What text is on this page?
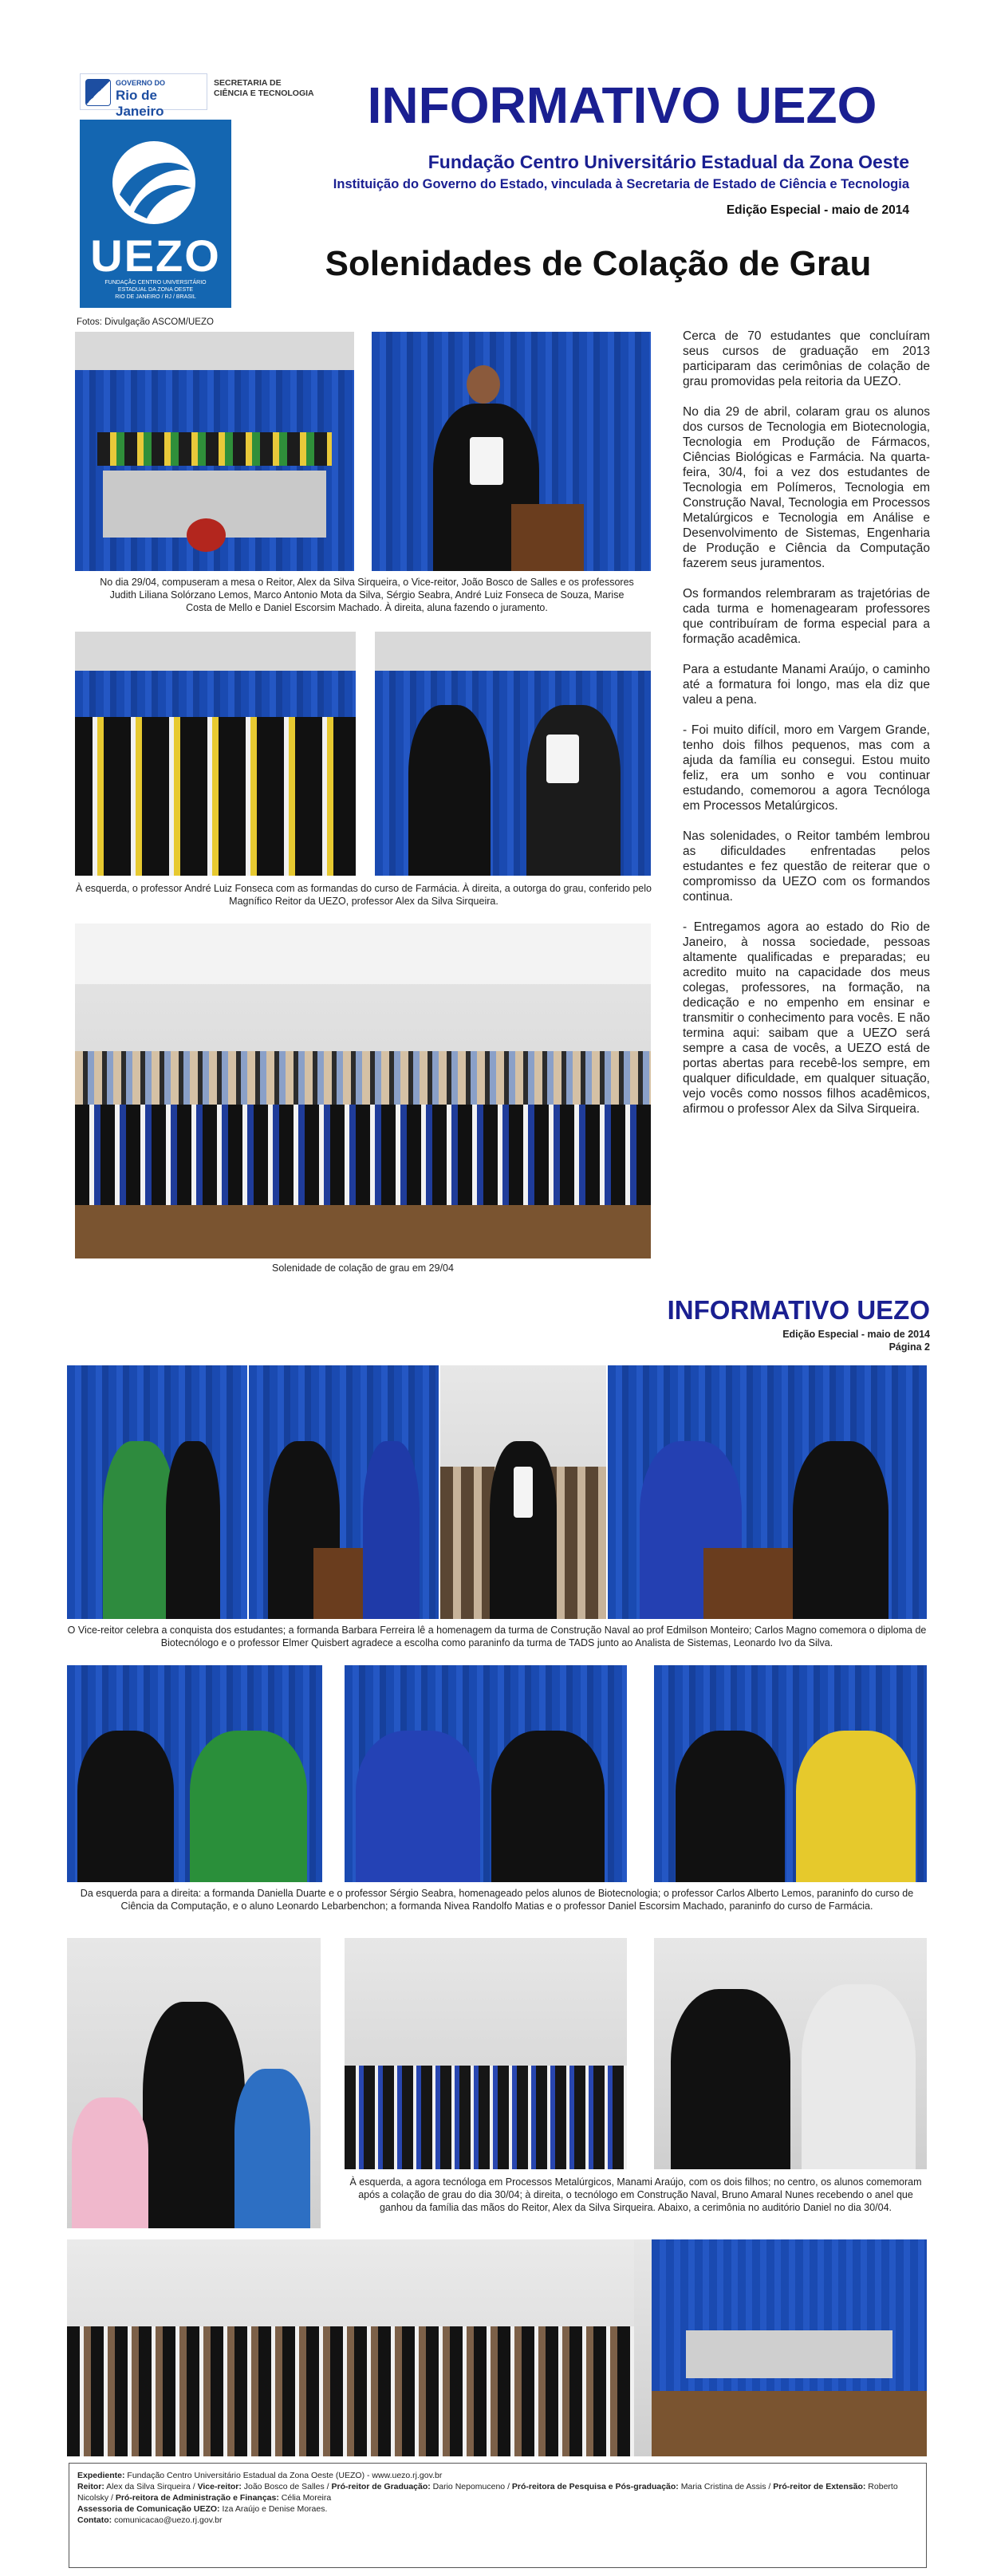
GOVERNO DO
Rio de Janeiro
SECRETARIA DE
CIÊNCIA E TECNOLOGIA
UEZO
FUNDAÇÃO CENTRO UNIVERSITÁRIO
ESTADUAL DA ZONA OESTE
RIO DE JANEIRO / RJ / BRASIL
INFORMATIVO UEZO
Fundação Centro Universitário Estadual da Zona Oeste
Instituição do Governo do Estado, vinculada à Secretaria de Estado de Ciência e Tecnologia
Edição Especial - maio de 2014
Solenidades de Colação de Grau
Fotos: Divulgação ASCOM/UEZO
No dia 29/04, compuseram a mesa o Reitor, Alex da Silva Sirqueira, o Vice-reitor, João Bosco de Salles e os professores Judith Liliana Solórzano Lemos, Marco Antonio Mota da Silva, Sérgio Seabra, André Luiz Fonseca de Souza, Marise Costa de Mello e Daniel Escorsim Machado. À direita, aluna fazendo o juramento.
À esquerda, o professor André Luiz Fonseca com as formandas do curso de Farmácia. À direita, a outorga do grau, conferido pelo Magnífico Reitor da UEZO, professor Alex da Silva Sirqueira.
Solenidade de colação de grau em 29/04

Cerca de 70 estudantes que concluíram seus cursos de graduação em 2013 participaram das cerimônias de colação de grau promovidas pela reitoria da UEZO.

No dia 29 de abril, colaram grau os alunos dos cursos de Tecnologia em Biotecnologia, Tecnologia em Produção de Fármacos, Ciências Biológicas e Farmácia. Na quarta-feira, 30/4, foi a vez dos estudantes de Tecnologia em Polímeros, Tecnologia em Construção Naval, Tecnologia em Processos Metalúrgicos e Tecnologia em Análise e Desenvolvimento de Sistemas, Engenharia de Produção e Ciência da Computação fazerem seus juramentos.

Os formandos relembraram as trajetórias de cada turma e homenagearam professores que contribuíram de forma especial para a formação acadêmica.

Para a estudante Manami Araújo, o caminho até a formatura foi longo, mas ela diz que valeu a pena.

- Foi muito difícil, moro em Vargem Grande, tenho dois filhos pequenos, mas com a ajuda da família eu consegui. Estou muito feliz, era um sonho e vou continuar estudando, comemorou a agora Tecnóloga em Processos Metalúrgicos.

Nas solenidades, o Reitor também lembrou as dificuldades enfrentadas pelos estudantes e fez questão de reiterar que o compromisso da UEZO com os formandos continua.

- Entregamos agora ao estado do Rio de Janeiro, à nossa sociedade, pessoas altamente qualificadas e preparadas; eu acredito muito na capacidade dos meus colegas, professores, na formação, na dedicação e no empenho em ensinar e transmitir o conhecimento para vocês. E não termina aqui: saibam que a UEZO será sempre a casa de vocês, a UEZO está de portas abertas para recebê-los sempre, em qualquer dificuldade, em qualquer situação, vejo vocês como nossos filhos acadêmicos, afirmou o professor Alex da Silva Sirqueira.

INFORMATIVO UEZO
Edição Especial - maio de 2014
Página 2
O Vice-reitor celebra a conquista dos estudantes; a formanda Barbara Ferreira lê a homenagem da turma de Construção Naval ao prof Edmilson Monteiro; Carlos Magno comemora o diploma de Biotecnólogo e o professor Elmer Quisbert agradece a escolha como paraninfo da turma de TADS junto ao Analista de Sistemas, Leonardo Ivo da Silva.
Da esquerda para a direita: a formanda Daniella Duarte e o professor Sérgio Seabra, homenageado pelos alunos de Biotecnologia; o professor Carlos Alberto Lemos, paraninfo do curso de Ciência da Computação, e o aluno Leonardo Lebarbenchon; a formanda Nivea Randolfo Matias e o professor Daniel Escorsim Machado, paraninfo do curso de Farmácia.
À esquerda, a agora tecnóloga em Processos Metalúrgicos, Manami Araújo, com os dois filhos; no centro, os alunos comemoram após a colação de grau do dia 30/04; à direita, o tecnólogo em Construção Naval, Bruno Amaral Nunes recebendo o anel que ganhou da família das mãos do Reitor, Alex da Silva Sirqueira. Abaixo, a cerimônia no auditório Daniel no dia 30/04.
Expediente: Fundação Centro Universitário Estadual da Zona Oeste (UEZO) - www.uezo.rj.gov.br
Reitor: Alex da Silva Sirqueira / Vice-reitor: João Bosco de Salles / Pró-reitor de Graduação: Dario Nepomuceno / Pró-reitora de Pesquisa e Pós-graduação: Maria Cristina de Assis / Pró-reitor de Extensão: Roberto Nicolsky / Pró-reitora de Administração e Finanças: Célia Moreira
Assessoria de Comunicação UEZO: Iza Araújo e Denise Moraes.
Contato: comunicacao@uezo.rj.gov.br
